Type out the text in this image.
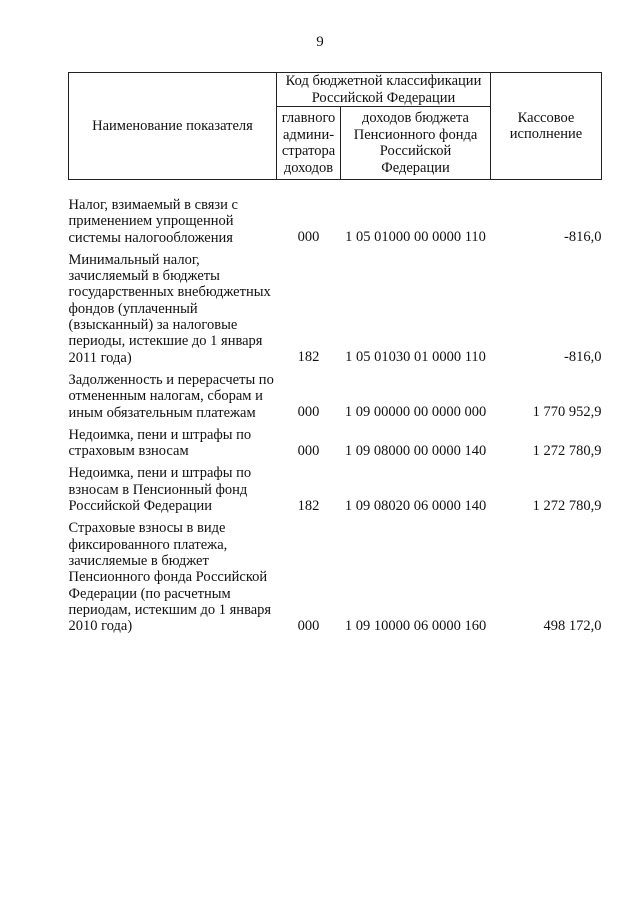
9
Наименование показателя	Код бюджетной классификации Российской Федерации		Кассовое исполнение
	главного админи-стратора доходов	доходов бюджета Пенсионного фонда Российской Федерации	

Налог, взимаемый в связи с применением упрощенной системы налогообложения	000	1 05 01000 00 0000 110	-816,0
Минимальный налог, зачисляемый в бюджеты государственных внебюджетных фондов (уплаченный (взысканный) за налоговые периоды, истекшие до 1 января 2011 года)	182	1 05 01030 01 0000 110	-816,0
Задолженность и перерасчеты по отмененным налогам, сборам и иным обязательным платежам	000	1 09 00000 00 0000 000	1 770 952,9
Недоимка, пени и штрафы по страховым взносам	000	1 09 08000 00 0000 140	1 272 780,9
Недоимка, пени и штрафы по взносам в Пенсионный фонд Российской Федерации	182	1 09 08020 06 0000 140	1 272 780,9
Страховые взносы в виде фиксированного платежа, зачисляемые в бюджет Пенсионного фонда Российской Федерации (по расчетным периодам, истекшим до 1 января 2010 года)	000	1 09 10000 06 0000 160	498 172,0
